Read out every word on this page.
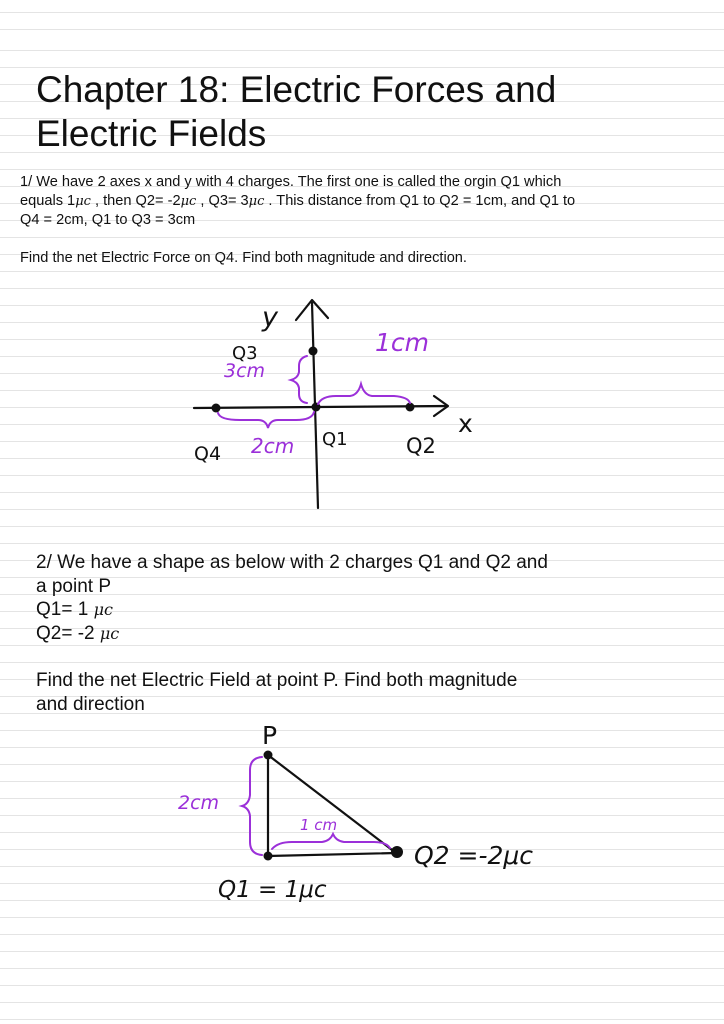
Chapter 18: Electric Forces and
Electric Fields

1/ We have 2 axes x and y with 4 charges. The first one is called the orgin Q1 which

equals 1μc , then Q2= -2μc , Q3= 3μc . This distance from Q1 to Q2 = 1cm, and Q1 to

Q4 = 2cm, Q1 to Q3 = 3cm

Find the net Electric Force on Q4. Find both magnitude and direction.

y
x
Q3
3cm
1cm
Q4 2cm Q1	Q2

2/ We have a shape as below with 2 charges Q1 and Q2 and

a point P

Q1= 1 μc

Q2= -2 μc

Find the net Electric Field at point P. Find both magnitude

and direction

P
2cm
1 cm
Q2 =-2μc
Q1 = 1μc
